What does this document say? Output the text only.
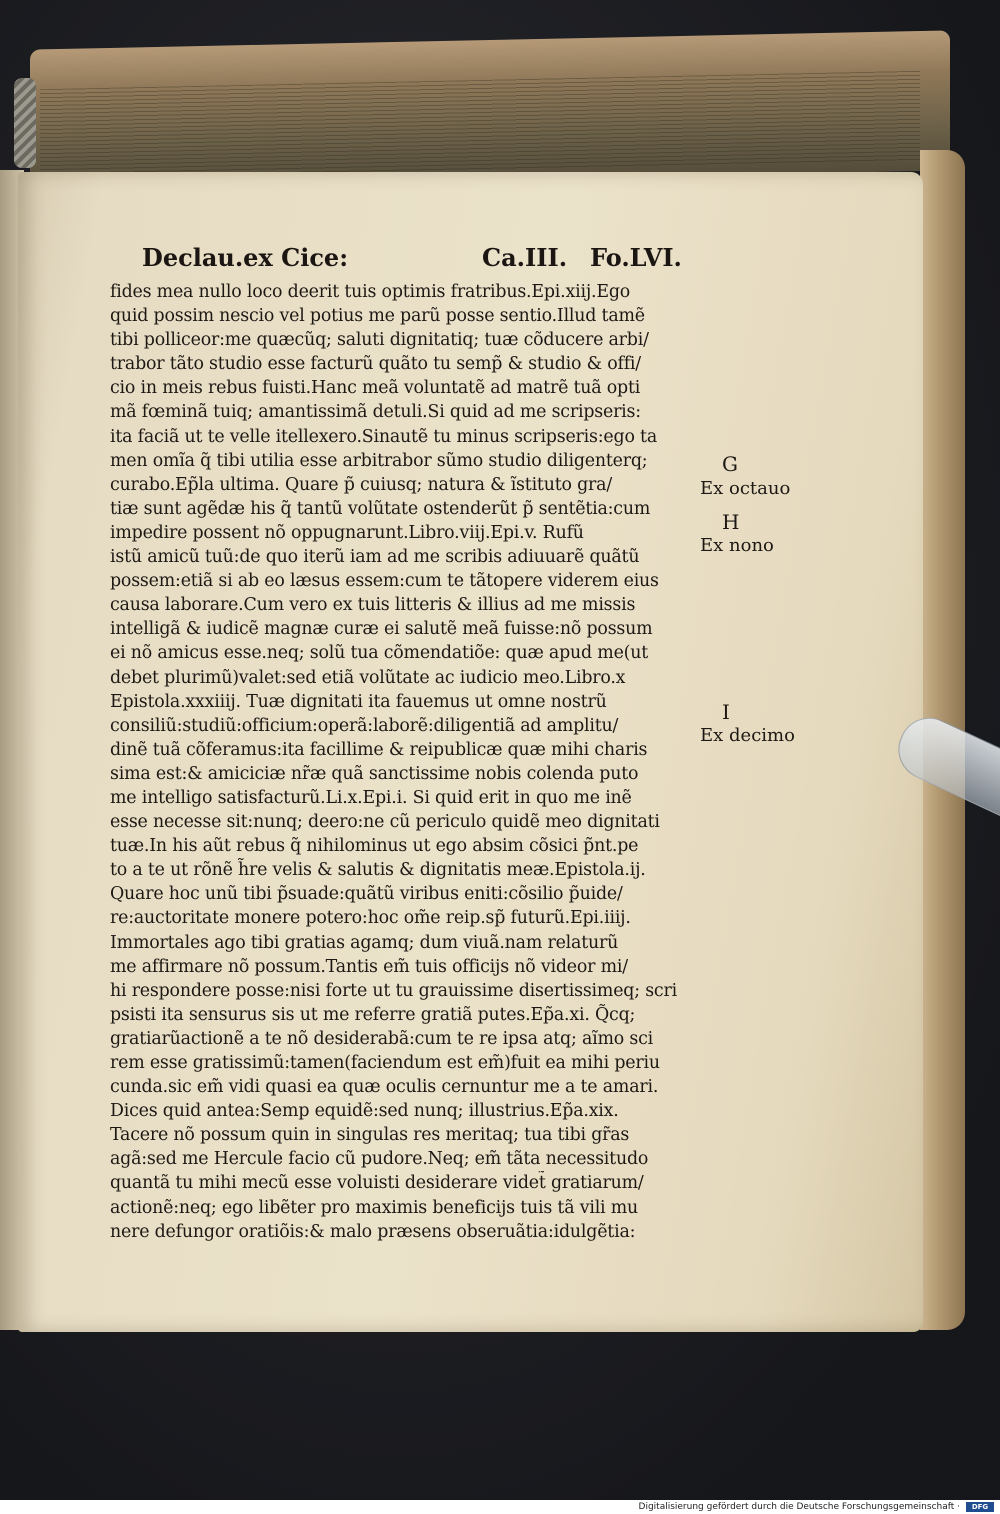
Declau.ex Cice:	Ca.III. Fo.LVI.
fides mea nullo loco deerit tuis optimis fratribus.Epi.xiij.Ego
quid possim nescio vel potius me parũ posse sentio.Illud tamẽ
tibi polliceor:me quæcũq; saluti dignitatiq; tuæ cõducere arbi/
trabor tãto studio esse facturũ quãto tu semp̃ & studio & offi/
cio in meis rebus fuisti.Hanc meã voluntatẽ ad matrẽ tuã opti
mã fœminã tuiq; amantissimã detuli.Si quid ad me scripseris:
ita faciã ut te velle itellexero.Sinautẽ tu minus scripseris:ego ta
men omĩa q̃ tibi utilia esse arbitrabor sũmo studio diligenterq;
curabo.Ep̃la ultima. Quare p̃ cuiusq; natura & ĩstituto gra/
tiæ sunt agẽdæ his q̃ tantũ volũtate ostenderũt p̃ sentẽtia:cum
impedire possent nõ oppugnarunt.Libro.viij.Epi.v. Rufũ
istũ amicũ tuũ:de quo iterũ iam ad me scribis adiuuarẽ quãtũ
possem:etiã si ab eo læsus essem:cum te tãtopere viderem eius
causa laborare.Cum vero ex tuis litteris & illius ad me missis
intelligã & iudicẽ magnæ curæ ei salutẽ meã fuisse:nõ possum
ei nõ amicus esse.neq; solũ tua cõmendatiõe: quæ apud me(ut
debet plurimũ)valet:sed etiã volũtate ac iudicio meo.Libro.x
Epistola.xxxiiij. Tuæ dignitati ita fauemus ut omne nostrũ
consiliũ:studiũ:officium:operã:laborẽ:diligentiã ad amplitu/
dinẽ tuã cõferamus:ita facillime & reipublicæ quæ mihi charis
sima est:& amiciciæ nr̃æ quã sanctissime nobis colenda puto
me intelligo satisfacturũ.Li.x.Epi.i. Si quid erit in quo me inẽ
esse necesse sit:nunq; deero:ne cũ periculo quidẽ meo dignitati
tuæ.In his aũt rebus q̃ nihilominus ut ego absim cõsici p̃nt.pe
to a te ut rõnẽ h̃re velis & salutis & dignitatis meæ.Epistola.ij.
Quare hoc unũ tibi p̃suade:quãtũ viribus eniti:cõsilio p̃uide/
re:auctoritate monere potero:hoc om̃e reip.sp̃ futurũ.Epi.iiij.
Immortales ago tibi gratias agamq; dum viuã.nam relaturũ
me affirmare nõ possum.Tantis em̃ tuis officijs nõ videor mi/
hi respondere posse:nisi forte ut tu grauissime disertissimeq; scri
psisti ita sensurus sis ut me referre gratiã putes.Ep̃a.xi. Q̃cq;
gratiarũactionẽ a te nõ desiderabã:cum te re ipsa atq; aĩmo sci
rem esse gratissimũ:tamen(faciendum est em̃)fuit ea mihi periu
cunda.sic em̃ vidi quasi ea quæ oculis cernuntur me a te amari.
Dices quid antea:Semp equidẽ:sed nunq; illustrius.Ep̃a.xix.
Tacere nõ possum quin in singulas res meritaq; tua tibi gr̃as
agã:sed me Hercule facio cũ pudore.Neq; em̃ tãta necessitudo
quantã tu mihi mecũ esse voluisti desiderare videt̃ gratiarum/
actionẽ:neq; ego libẽter pro maximis beneficijs tuis tã vili mu
nere defungor oratiõis:& malo præsens obseruãtia:idulgẽtia:
G
Ex octauo
H
Ex nono
I
Ex decimo
Digitalisierung gefördert durch die Deutsche Forschungsgemeinschaft ·	DFG
